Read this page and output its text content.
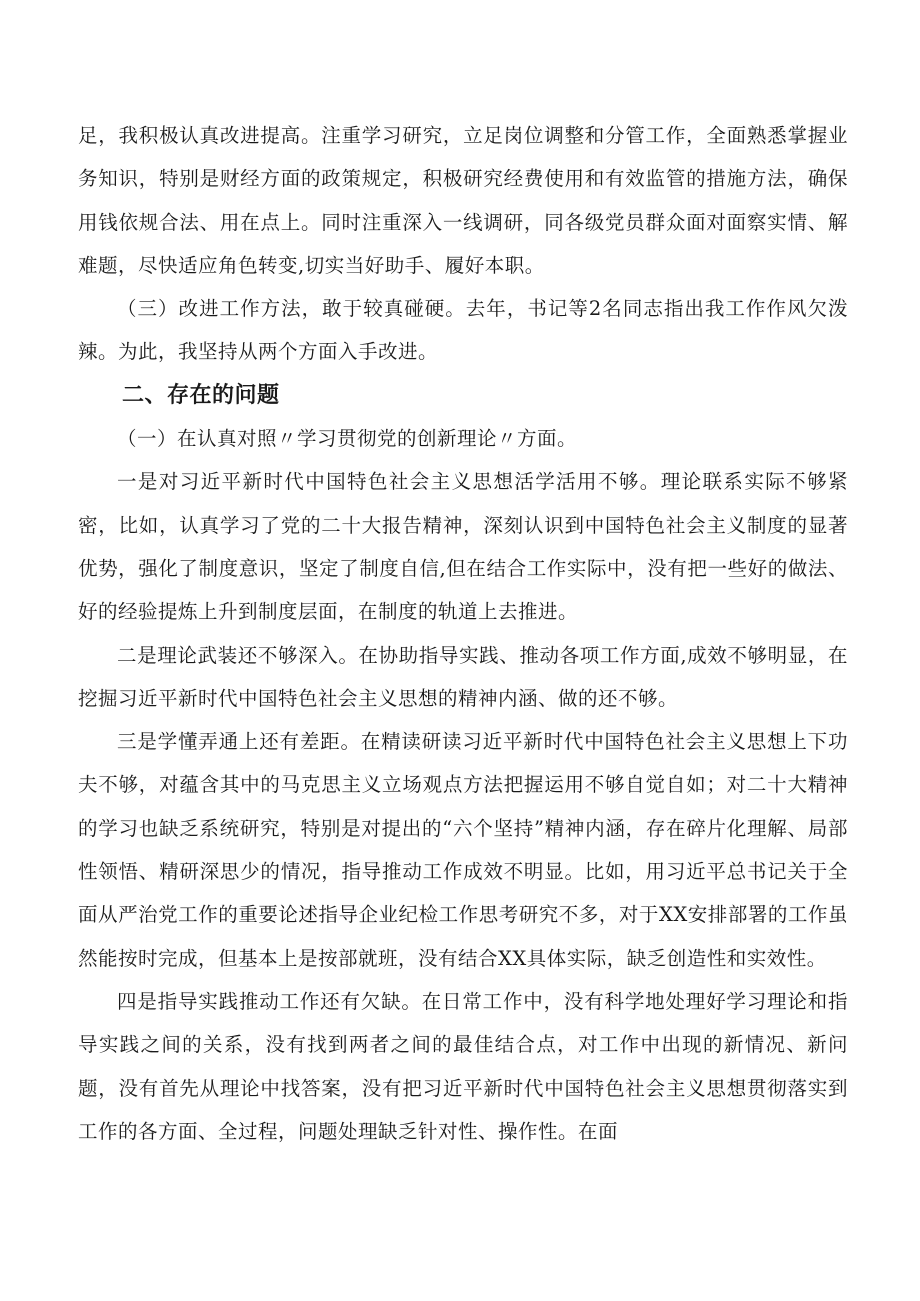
足，我积极认真改进提高。注重学习研究，立足岗位调整和分管工作，全面熟悉掌握业务知识，特别是财经方面的政策规定，积极研究经费使用和有效监管的措施方法，确保用钱依规合法、用在点上。同时注重深入一线调研，同各级党员群众面对面察实情、解难题，尽快适应角色转变,切实当好助手、履好本职。

（三）改进工作方法，敢于较真碰硬。去年，书记等2名同志指出我工作作风欠泼辣。为此，我坚持从两个方面入手改进。

二、存在的问题

（一）在认真对照〃学习贯彻党的创新理论〃方面。

一是对习近平新时代中国特色社会主义思想活学活用不够。理论联系实际不够紧密，比如，认真学习了党的二十大报告精神，深刻认识到中国特色社会主义制度的显著优势，强化了制度意识，坚定了制度自信,但在结合工作实际中，没有把一些好的做法、好的经验提炼上升到制度层面，在制度的轨道上去推进。

二是理论武装还不够深入。在协助指导实践、推动各项工作方面,成效不够明显，在挖掘习近平新时代中国特色社会主义思想的精神内涵、做的还不够。

三是学懂弄通上还有差距。在精读研读习近平新时代中国特色社会主义思想上下功夫不够，对蕴含其中的马克思主义立场观点方法把握运用不够自觉自如；对二十大精神的学习也缺乏系统研究，特别是对提出的“六个坚持”精神内涵，存在碎片化理解、局部性领悟、精研深思少的情况，指导推动工作成效不明显。比如，用习近平总书记关于全面从严治党工作的重要论述指导企业纪检工作思考研究不多，对于XX安排部署的工作虽然能按时完成，但基本上是按部就班，没有结合XX具体实际，缺乏创造性和实效性。

四是指导实践推动工作还有欠缺。在日常工作中，没有科学地处理好学习理论和指导实践之间的关系，没有找到两者之间的最佳结合点，对工作中出现的新情况、新问题，没有首先从理论中找答案，没有把习近平新时代中国特色社会主义思想贯彻落实到工作的各方面、全过程，问题处理缺乏针对性、操作性。在面
